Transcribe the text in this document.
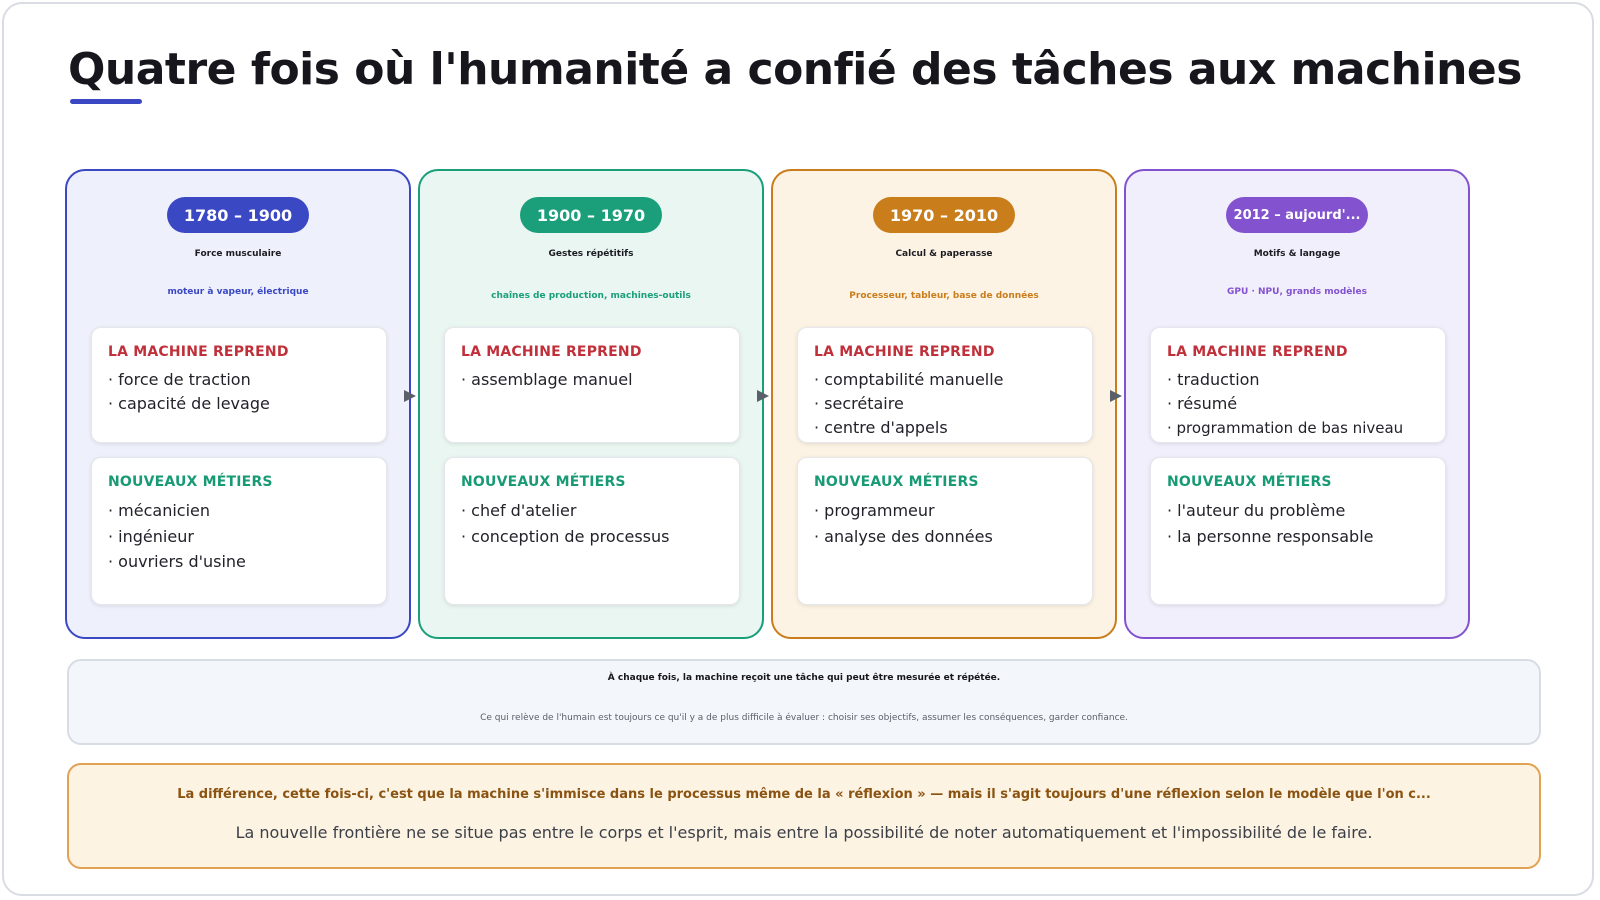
Quatre fois où l'humanité a confié des tâches aux machines
1780 – 1900
Force musculaire
moteur à vapeur, électrique
LA MACHINE REPREND
· force de traction
· capacité de levage
NOUVEAUX MÉTIERS
· mécanicien
· ingénieur
· ouvriers d'usine
1900 – 1970
Gestes répétitifs
chaînes de production, machines-outils
LA MACHINE REPREND
· assemblage manuel
NOUVEAUX MÉTIERS
· chef d'atelier
· conception de processus
1970 – 2010
Calcul & paperasse
Processeur, tableur, base de données
LA MACHINE REPREND
· comptabilité manuelle
· secrétaire
· centre d'appels
NOUVEAUX MÉTIERS
· programmeur
· analyse des données
2012 – aujourd'...
Motifs & langage
GPU · NPU, grands modèles
LA MACHINE REPREND
· traduction
· résumé
· programmation de bas niveau
NOUVEAUX MÉTIERS
· l'auteur du problème
· la personne responsable
À chaque fois, la machine reçoit une tâche qui peut être mesurée et répétée.
Ce qui relève de l'humain est toujours ce qu'il y a de plus difficile à évaluer : choisir ses objectifs, assumer les conséquences, garder confiance.
La différence, cette fois-ci, c'est que la machine s'immisce dans le processus même de la « réflexion » — mais il s'agit toujours d'une réflexion selon le modèle que l'on c...
La nouvelle frontière ne se situe pas entre le corps et l'esprit, mais entre la possibilité de noter automatiquement et l'impossibilité de le faire.
